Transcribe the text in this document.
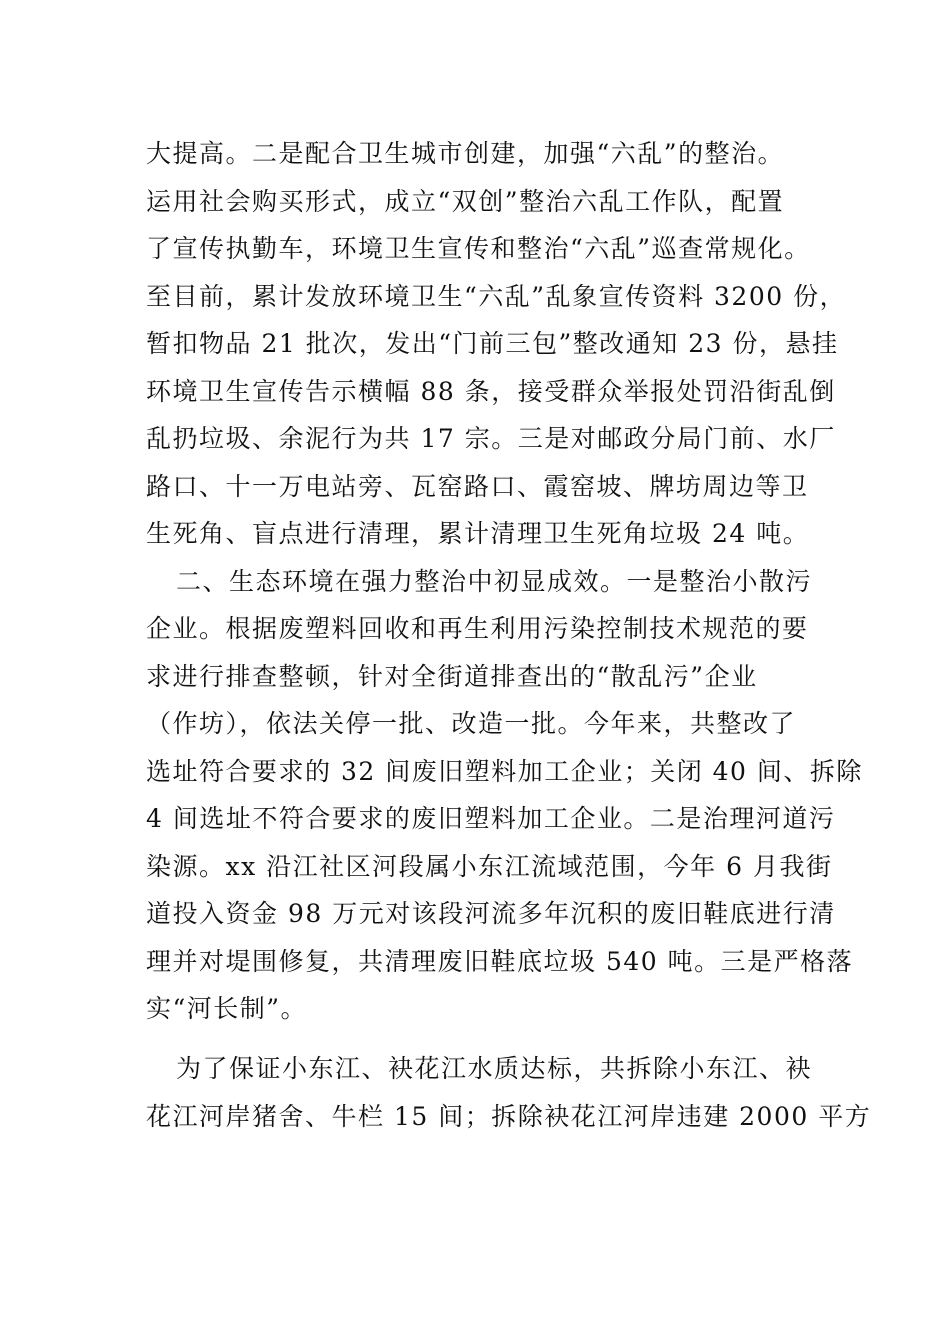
大提高。二是配合卫生城市创建，加强“六乱”的整治。
运用社会购买形式，成立“双创”整治六乱工作队，配置
了宣传执勤车，环境卫生宣传和整治“六乱”巡查常规化。
至目前，累计发放环境卫生“六乱”乱象宣传资料 3200 份，
暂扣物品 21 批次，发出“门前三包”整改通知 23 份，悬挂
环境卫生宣传告示横幅 88 条，接受群众举报处罚沿街乱倒
乱扔垃圾、余泥行为共 17 宗。三是对邮政分局门前、水厂
路口、十一万电站旁、瓦窑路口、霞窑坡、牌坊周边等卫
生死角、盲点进行清理，累计清理卫生死角垃圾 24 吨。
二、生态环境在强力整治中初显成效。一是整治小散污
企业。根据废塑料回收和再生利用污染控制技术规范的要
求进行排查整顿，针对全街道排查出的“散乱污”企业
（作坊），依法关停一批、改造一批。今年来，共整改了
选址符合要求的 32 间废旧塑料加工企业；关闭 40 间、拆除
4 间选址不符合要求的废旧塑料加工企业。二是治理河道污
染源。xx 沿江社区河段属小东江流域范围，今年 6 月我街
道投入资金 98 万元对该段河流多年沉积的废旧鞋底进行清
理并对堤围修复，共清理废旧鞋底垃圾 540 吨。三是严格落
实“河长制”。
为了保证小东江、袂花江水质达标，共拆除小东江、袂
花江河岸猪舍、牛栏 15 间；拆除袂花江河岸违建 2000 平方
